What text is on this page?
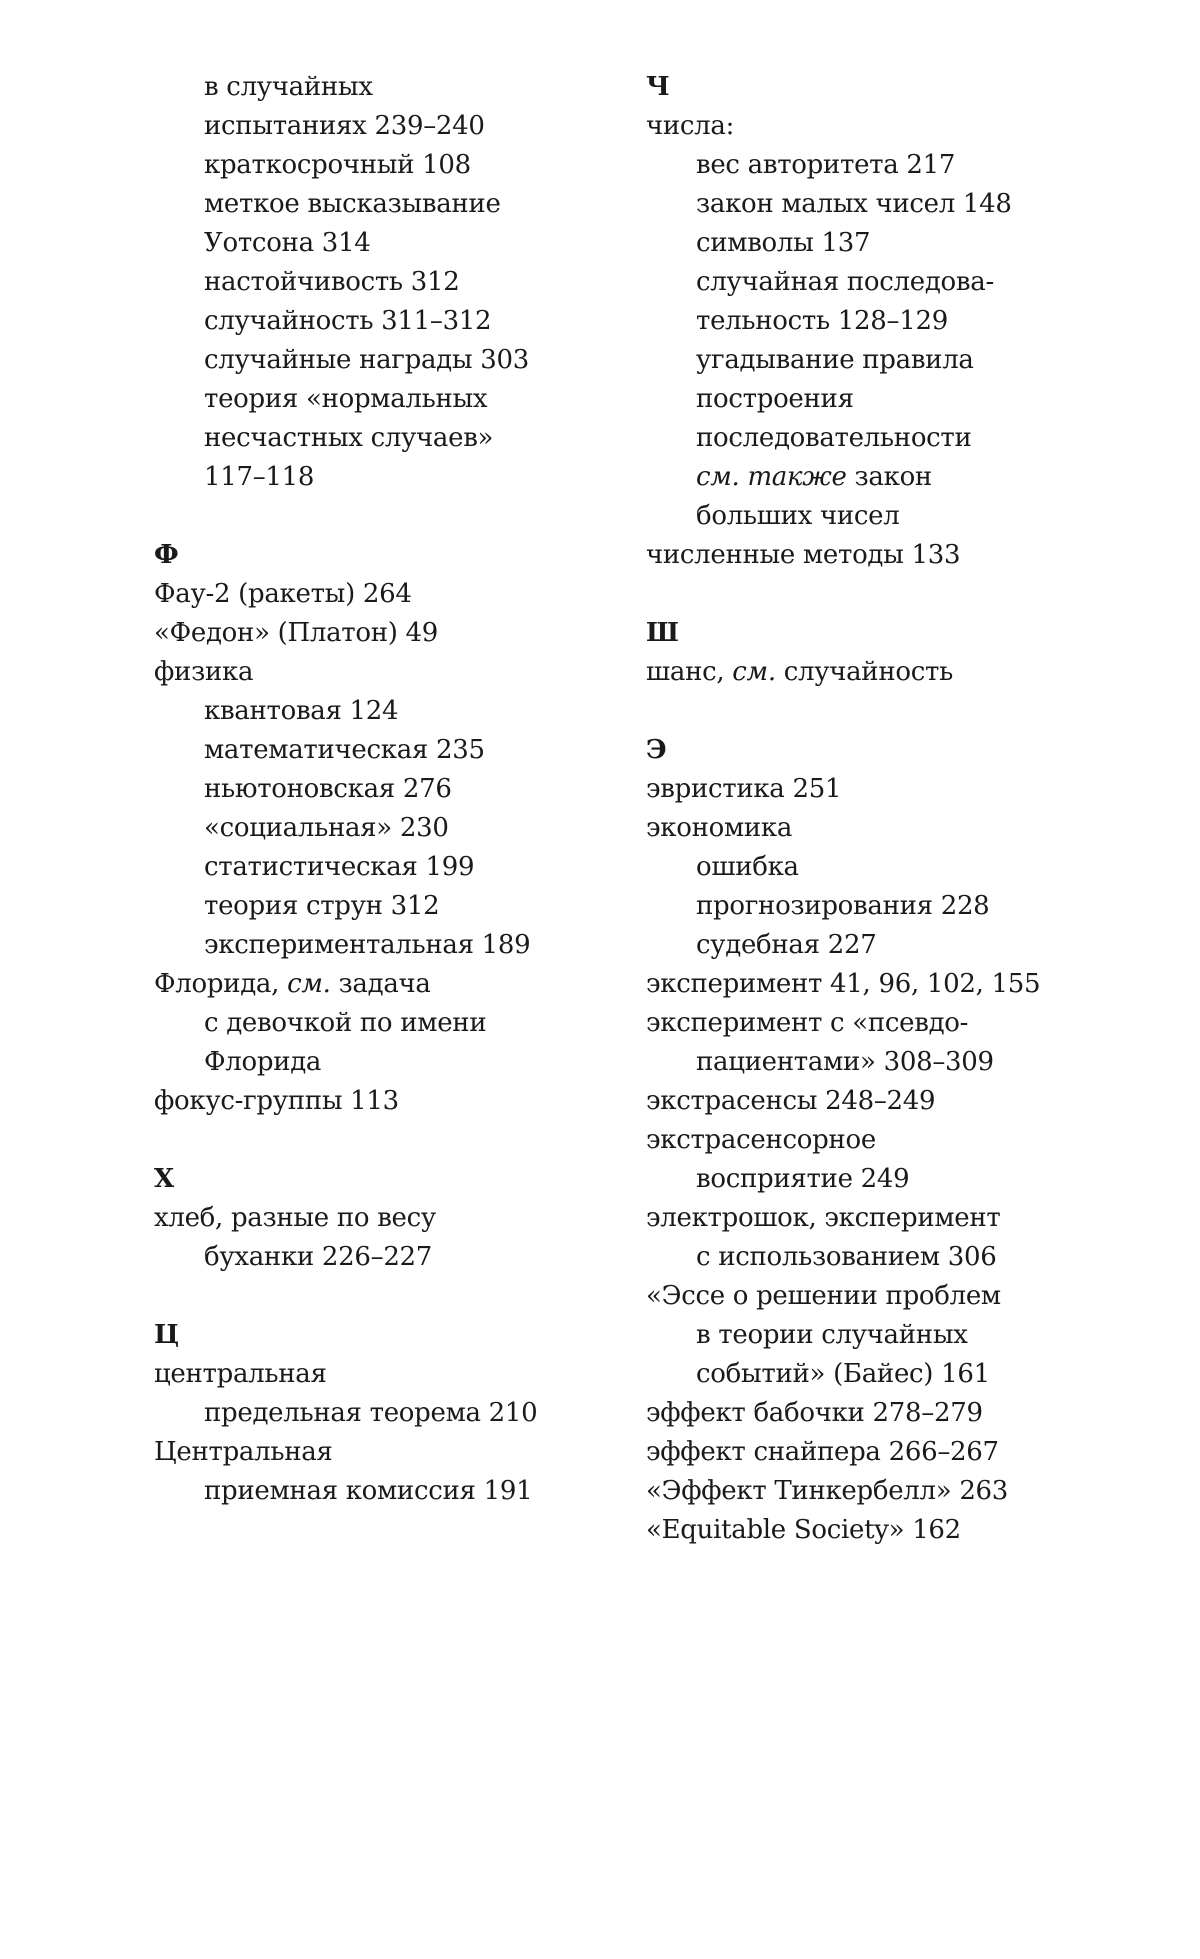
в случайных
испытаниях 239–240
краткосрочный 108
меткое высказывание
Уотсона 314
настойчивость 312
случайность 311–312
случайные награды 303
теория «нормальных
несчастных случаев»
117–118
Ф
Фау-2 (ракеты) 264
«Федон» (Платон) 49
физика
квантовая 124
математическая 235
ньютоновская 276
«социальная» 230
статистическая 199
теория струн 312
экспериментальная 189
Флорида, см. задача
с девочкой по имени
Флорида
фокус-группы 113
Х
хлеб, разные по весу
буханки 226–227
Ц
центральная
предельная теорема 210
Центральная
приемная комиссия 191
Ч
числа:
вес авторитета 217
закон малых чисел 148
символы 137
случайная последова-
тельность 128–129
угадывание правила
построения
последовательности
см. также закон
больших чисел
численные методы 133
Ш
шанс, см. случайность
Э
эвристика 251
экономика
ошибка
прогнозирования 228
судебная 227
эксперимент 41, 96, 102, 155
эксперимент с «псевдо-
пациентами» 308–309
экстрасенсы 248–249
экстрасенсорное
восприятие 249
электрошок, эксперимент
с использованием 306
«Эссе о решении проблем
в теории случайных
событий» (Байес) 161
эффект бабочки 278–279
эффект снайпера 266–267
«Эффект Тинкербелл» 263
«Equitable Society» 162
